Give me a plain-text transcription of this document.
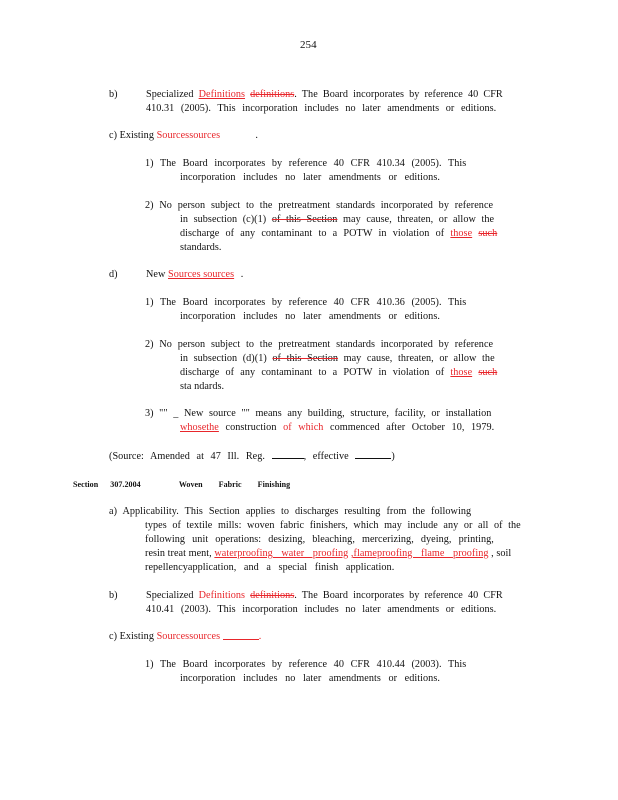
254
b)	Specialized Definitions definitions. The Board incorporates by reference 40 CFR
410.31 (2005). This incorporation includes no later amendments or editions.
c) Existing Sourcessources	.
1) The Board incorporates by reference 40 CFR 410.34 (2005). This
incorporation includes no later amendments or editions.
2) No person subject to the pretreatment standards incorporated by reference
in subsection (c)(1) of this Section may cause, threaten, or allow the
discharge of any contaminant to a POTW in violation of those such
standards.
d)	New Sources sources .
1) The Board incorporates by reference 40 CFR 410.36 (2005). This
incorporation includes no later amendments or editions.
2) No person subject to the pretreatment standards incorporated by reference
in subsection (d)(1) of this Section may cause, threaten, or allow the
discharge of any contaminant to a POTW in violation of those such
sta ndards.
3) "" _ New source "" means any building, structure, facility, or installation
whosethe construction of which commenced after October 10, 1979.
(Source: Amended at 47 Ill. Reg.	, effective	)
Section 307.2004	Woven Fabric Finishing
a) Applicability. This Section applies to discharges resulting from the following
types of textile mills: woven fabric finishers, which may include any or all of the
following unit operations: desizing, bleaching, mercerizing, dyeing, printing,
resin treat ment, waterproofing water proofing ,flameproofing flame proofing , soil
repellencyapplication, and a special finish application.
b)	Specialized Definitions definitions. The Board incorporates by reference 40 CFR
410.41 (2003). This incorporation includes no later amendments or editions.
c) Existing Sourcessources	.
1) The Board incorporates by reference 40 CFR 410.44 (2003). This
incorporation includes no later amendments or editions.
